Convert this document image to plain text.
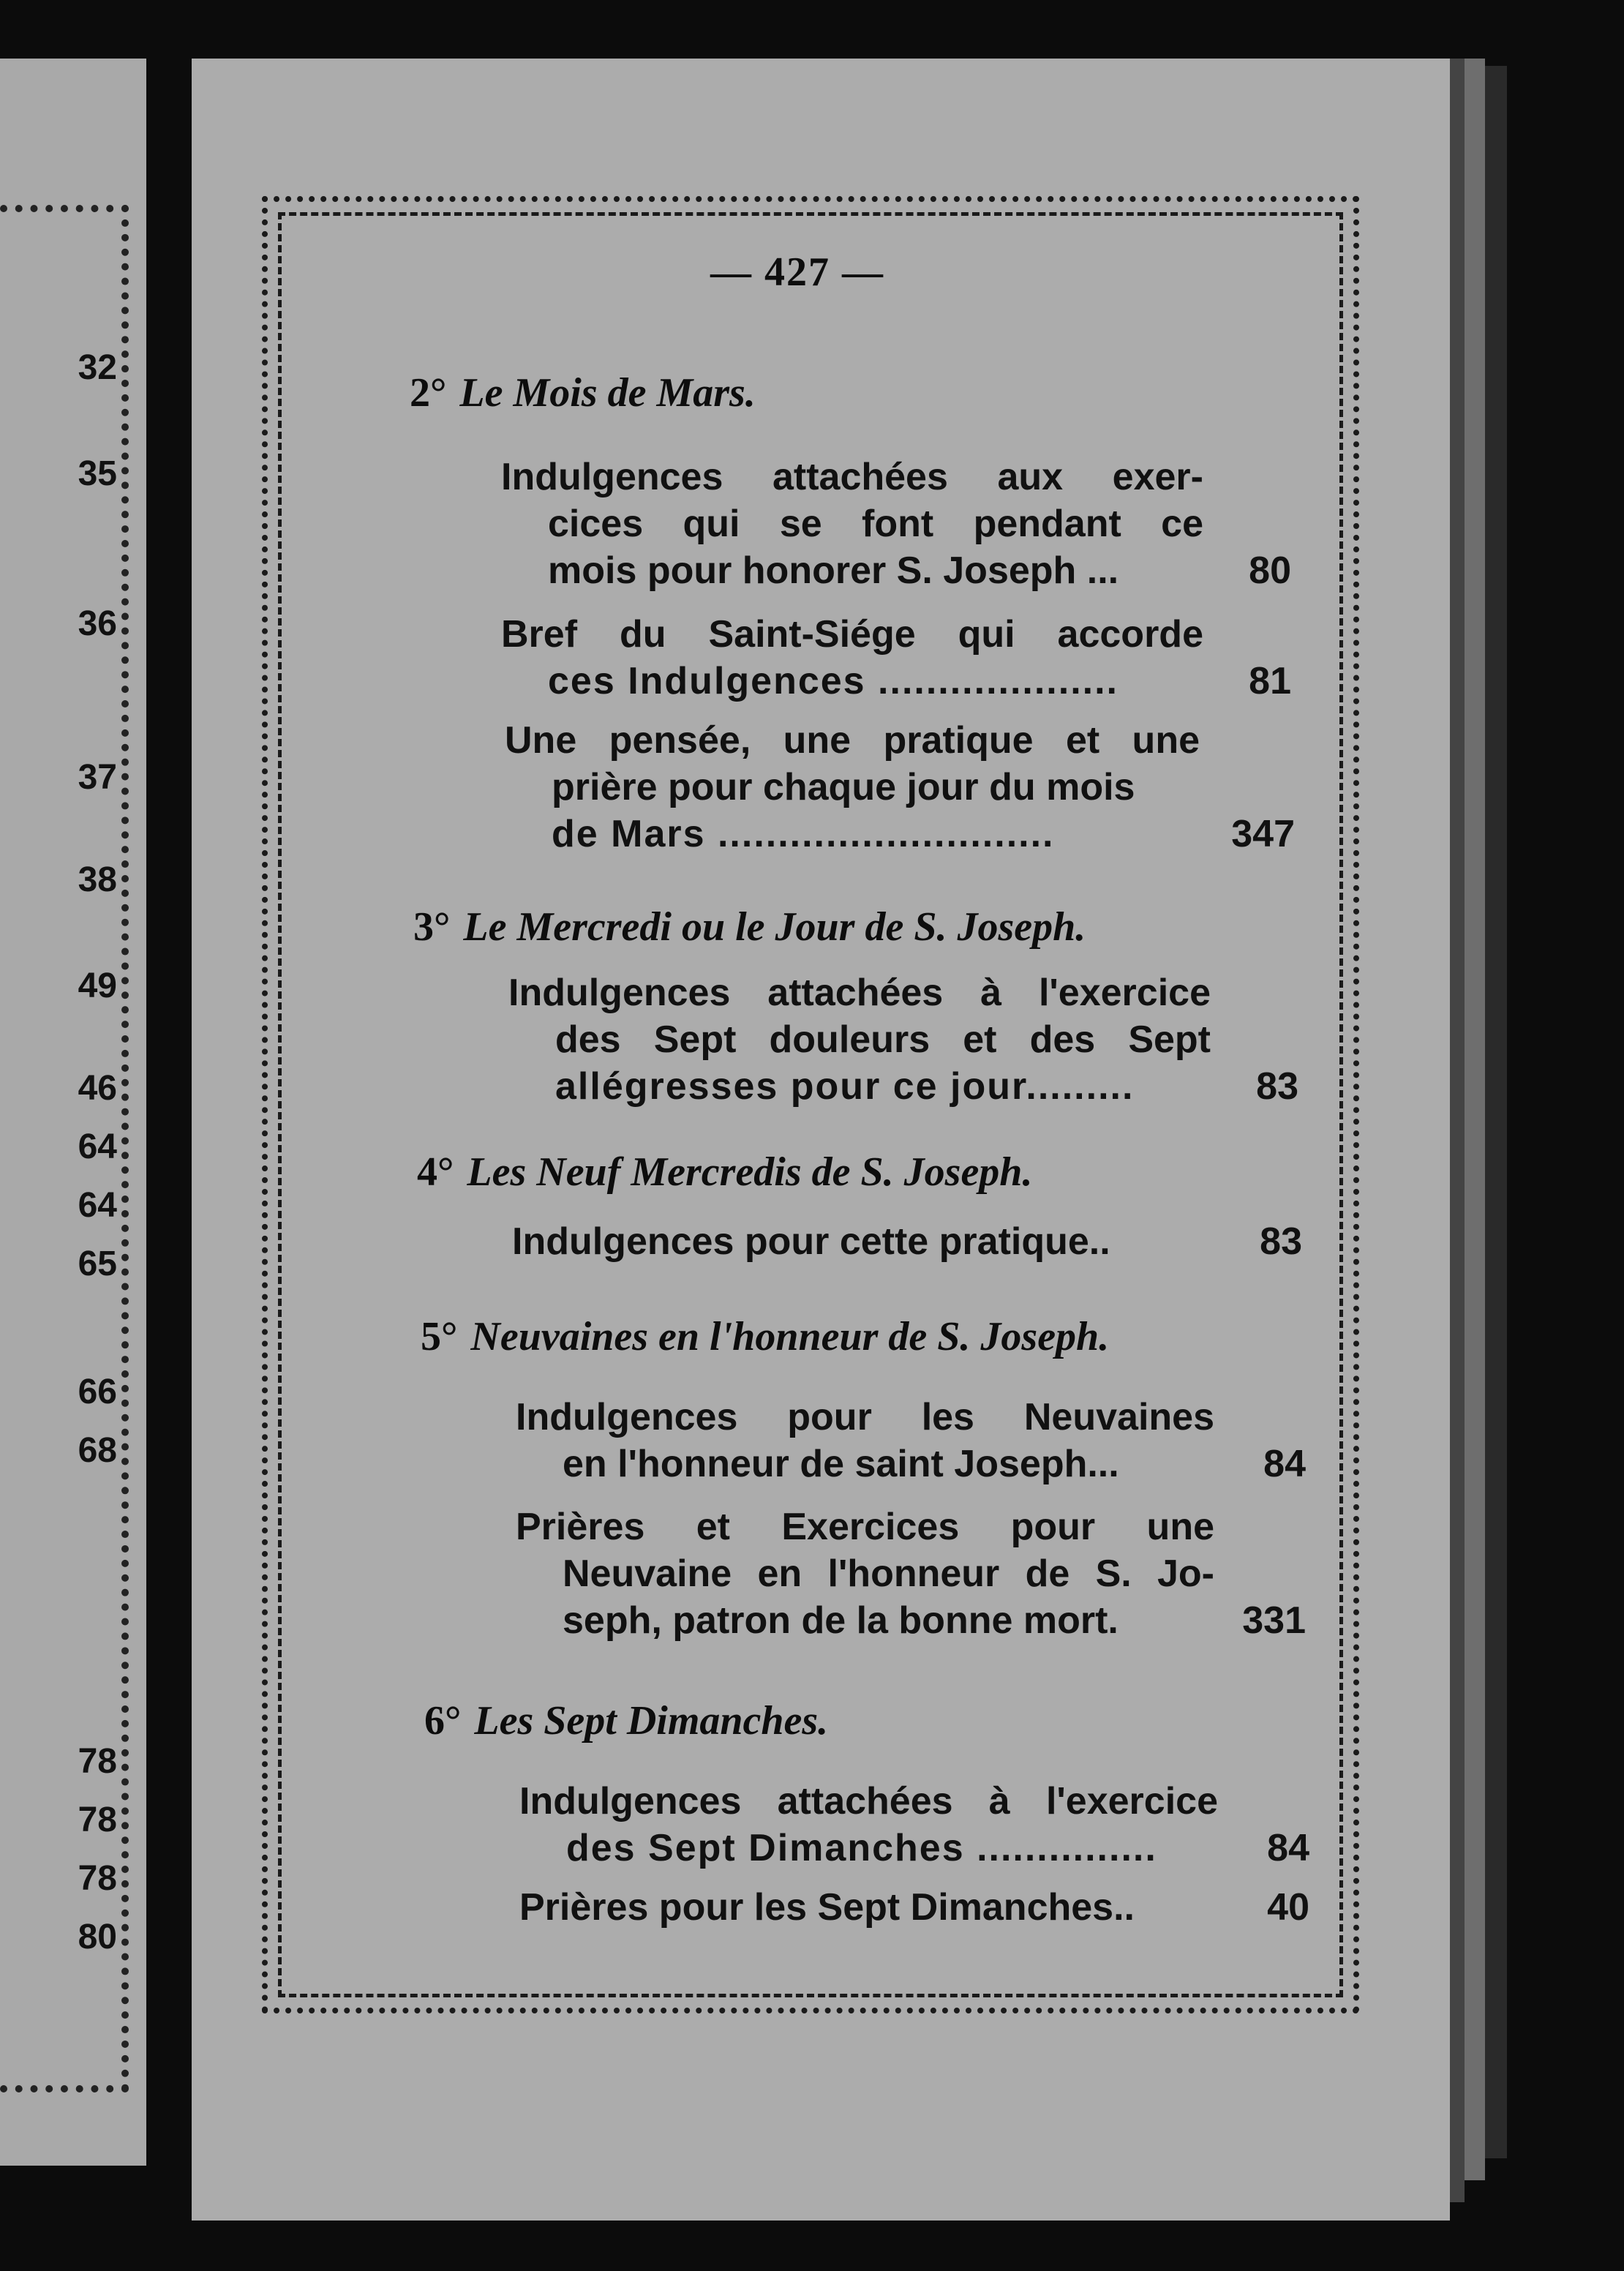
32
35
36
37
38
49
46
64
64
65
66
68
78
78
78
80
— 427 —
2° Le Mois de Mars.
Indulgences attachées aux exer-
cices qui se font pendant ce
mois pour honorer S. Joseph ...	80
Bref du Saint-Siége qui accorde
ces Indulgences ....................	81
Une pensée, une pratique et une
prière pour chaque jour du mois
de Mars ............................	347
3° Le Mercredi ou le Jour de S. Joseph.
Indulgences attachées à l'exercice
des Sept douleurs et des Sept
allégresses pour ce jour.........	83
4° Les Neuf Mercredis de S. Joseph.
Indulgences pour cette pratique..	83
5° Neuvaines en l'honneur de S. Joseph.
Indulgences pour les Neuvaines
en l'honneur de saint Joseph...	84
Prières et Exercices pour une
Neuvaine en l'honneur de S. Jo-
seph, patron de la bonne mort.	331
6° Les Sept Dimanches.
Indulgences attachées à l'exercice
des Sept Dimanches ...............	84
Prières pour les Sept Dimanches..	40
